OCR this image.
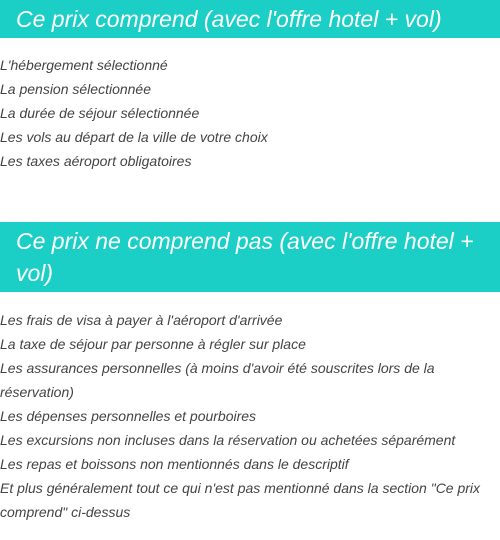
Ce prix comprend (avec l'offre hotel + vol)
L'hébergement sélectionné
La pension sélectionnée
La durée de séjour sélectionnée
Les vols au départ de la ville de votre choix
Les taxes aéroport obligatoires
Ce prix ne comprend pas (avec l'offre hotel + vol)
Les frais de visa à payer à l'aéroport d'arrivée
La taxe de séjour par personne à régler sur place
Les assurances personnelles (à moins d'avoir été souscrites lors de la réservation)
Les dépenses personnelles et pourboires
Les excursions non incluses dans la réservation ou achetées séparément
Les repas et boissons non mentionnés dans le descriptif
Et plus généralement tout ce qui n'est pas mentionné dans la section "Ce prix comprend" ci-dessus
